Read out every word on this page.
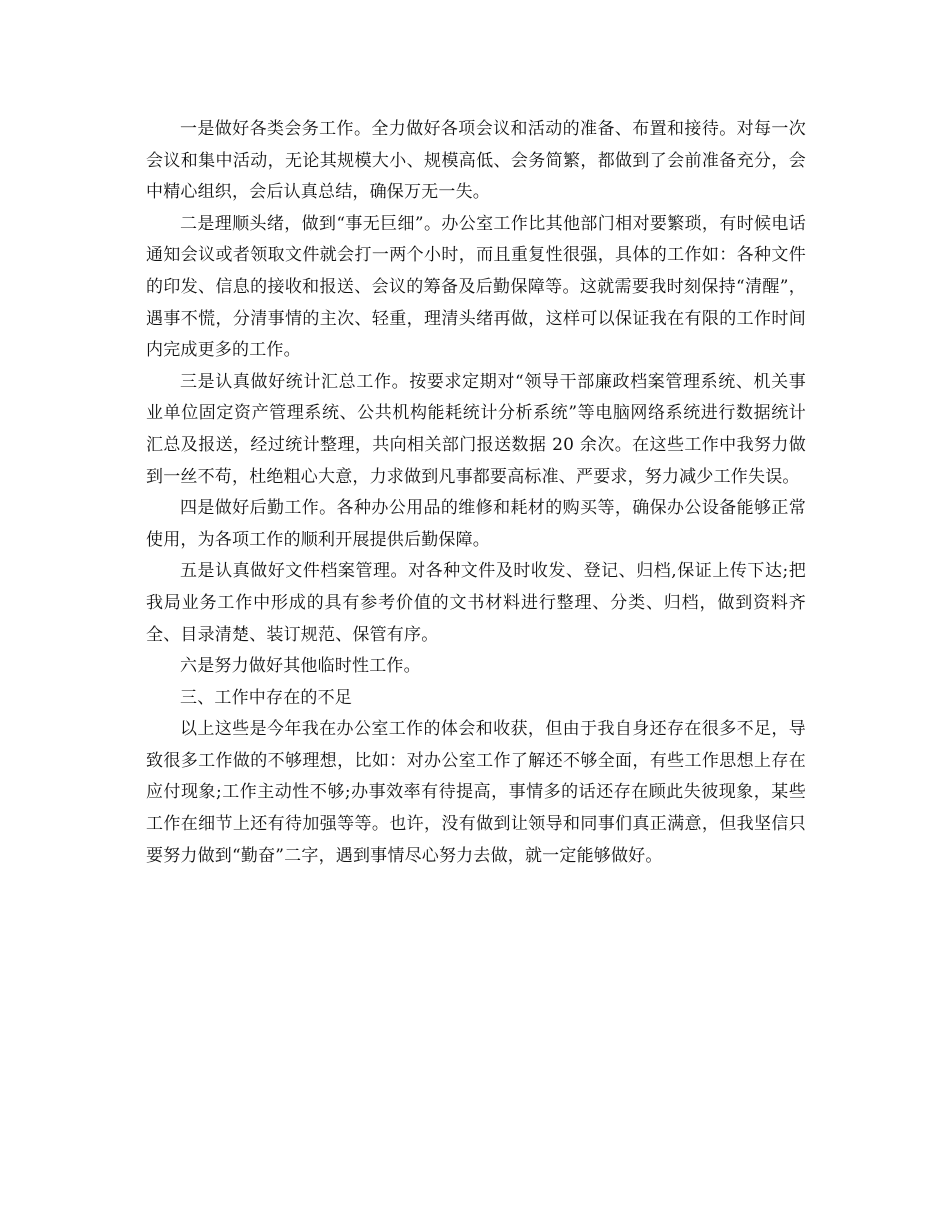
一是做好各类会务工作。全力做好各项会议和活动的准备、布置和接待。对每一次会议和集中活动，无论其规模大小、规模高低、会务简繁，都做到了会前准备充分，会中精心组织，会后认真总结，确保万无一失。

二是理顺头绪，做到“事无巨细”。办公室工作比其他部门相对要繁琐，有时候电话通知会议或者领取文件就会打一两个小时，而且重复性很强，具体的工作如：各种文件的印发、信息的接收和报送、会议的筹备及后勤保障等。这就需要我时刻保持“清醒”，遇事不慌，分清事情的主次、轻重，理清头绪再做，这样可以保证我在有限的工作时间内完成更多的工作。

三是认真做好统计汇总工作。按要求定期对“领导干部廉政档案管理系统、机关事业单位固定资产管理系统、公共机构能耗统计分析系统”等电脑网络系统进行数据统计汇总及报送，经过统计整理，共向相关部门报送数据 20 余次。在这些工作中我努力做到一丝不苟，杜绝粗心大意，力求做到凡事都要高标准、严要求，努力减少工作失误。

四是做好后勤工作。各种办公用品的维修和耗材的购买等，确保办公设备能够正常使用，为各项工作的顺利开展提供后勤保障。

五是认真做好文件档案管理。对各种文件及时收发、登记、归档,保证上传下达;把我局业务工作中形成的具有参考价值的文书材料进行整理、分类、归档，做到资料齐全、目录清楚、装订规范、保管有序。

六是努力做好其他临时性工作。

三、工作中存在的不足

以上这些是今年我在办公室工作的体会和收获，但由于我自身还存在很多不足，导致很多工作做的不够理想，比如：对办公室工作了解还不够全面，有些工作思想上存在应付现象;工作主动性不够;办事效率有待提高，事情多的话还存在顾此失彼现象，某些工作在细节上还有待加强等等。也许，没有做到让领导和同事们真正满意，但我坚信只要努力做到“勤奋”二字，遇到事情尽心努力去做，就一定能够做好。
